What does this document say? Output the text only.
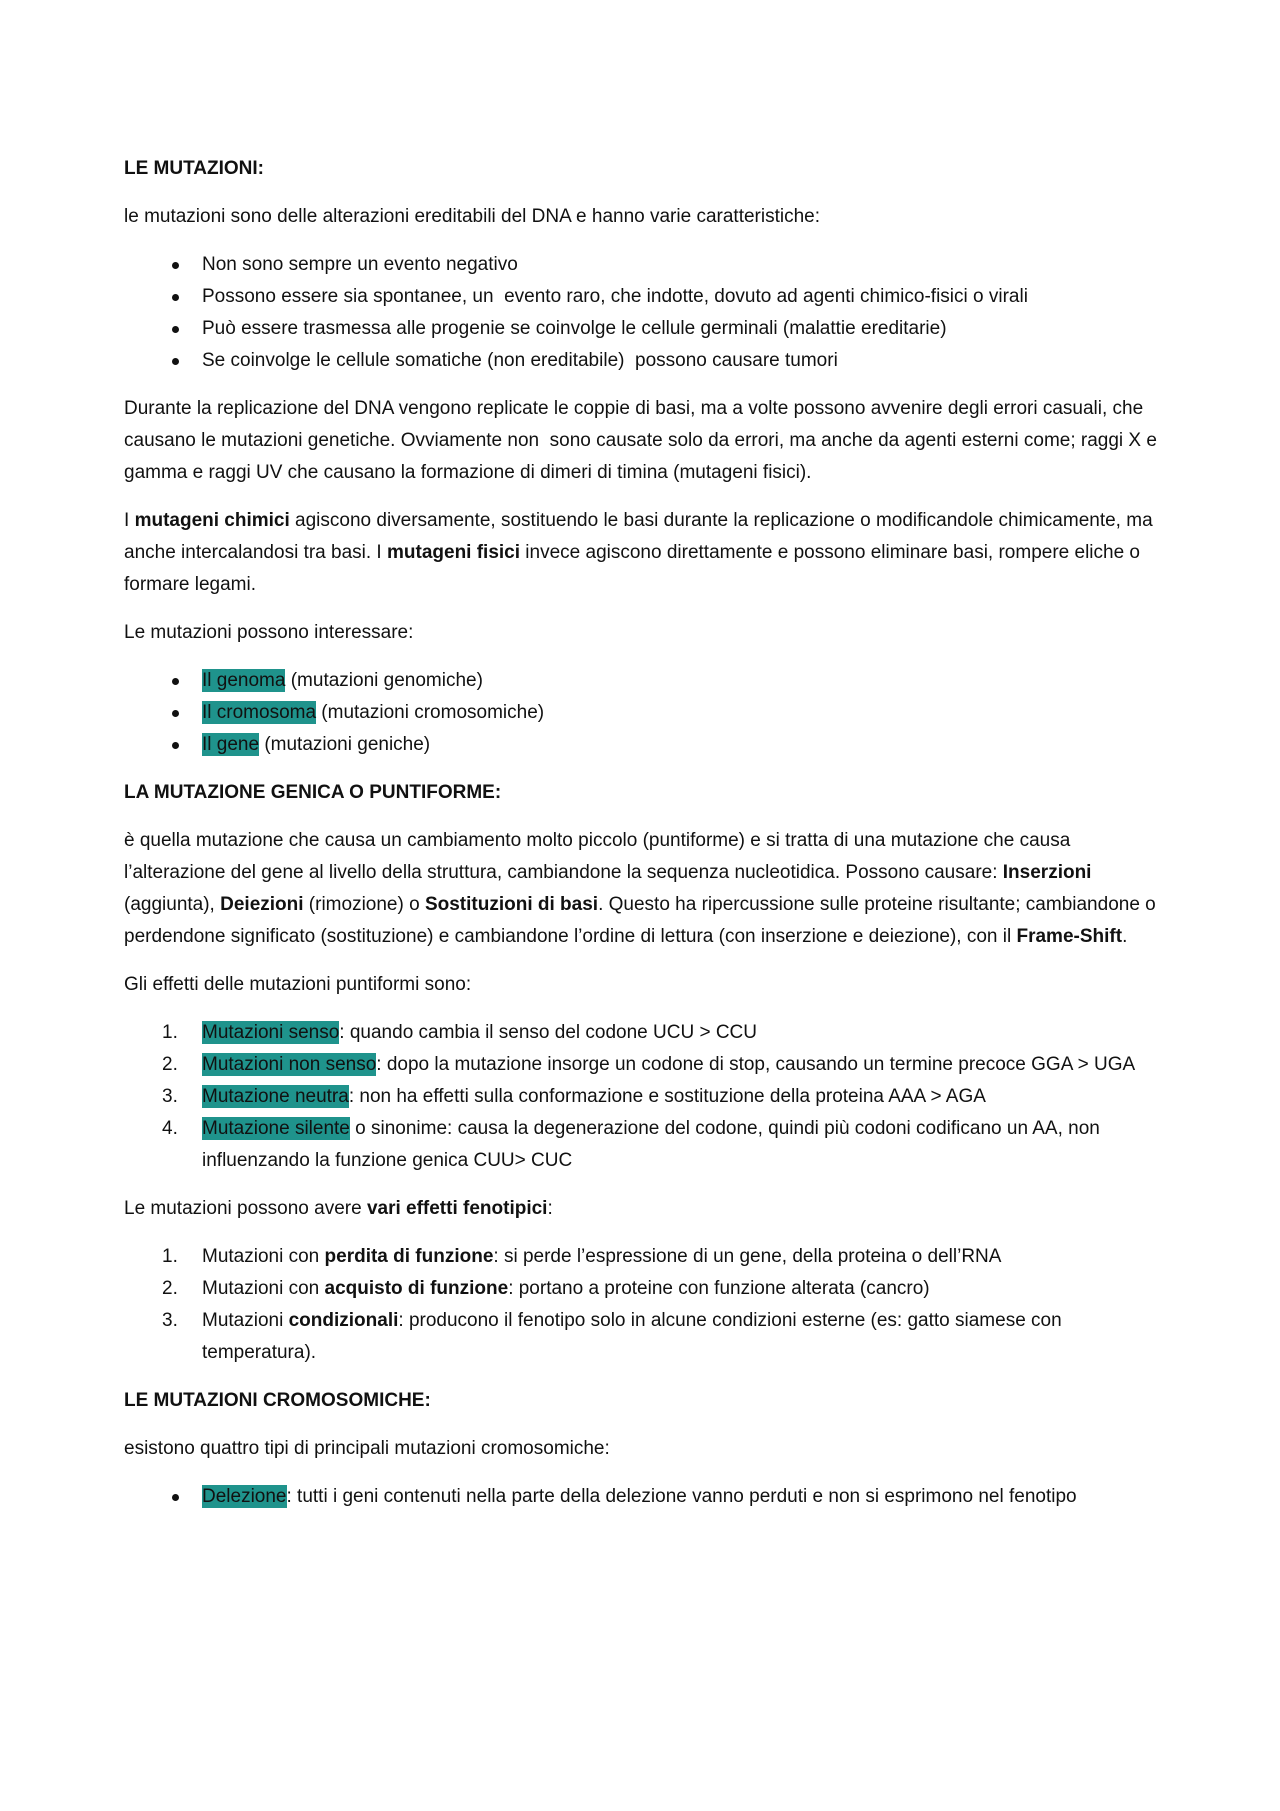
LE MUTAZIONI:

le mutazioni sono delle alterazioni ereditabili del DNA e hanno varie caratteristiche:

Non sono sempre un evento negativo
Possono essere sia spontanee, un  evento raro, che indotte, dovuto ad agenti chimico-fisici o virali
Può essere trasmessa alle progenie se coinvolge le cellule germinali (malattie ereditarie)
Se coinvolge le cellule somatiche (non ereditabile)  possono causare tumori

Durante la replicazione del DNA vengono replicate le coppie di basi, ma a volte possono avvenire degli errori casuali, che causano le mutazioni genetiche. Ovviamente non  sono causate solo da errori, ma anche da agenti esterni come; raggi X e gamma e raggi UV che causano la formazione di dimeri di timina (mutageni fisici).

I mutageni chimici agiscono diversamente, sostituendo le basi durante la replicazione o modificandole chimicamente, ma anche intercalandosi tra basi. I mutageni fisici invece agiscono direttamente e possono eliminare basi, rompere eliche o formare legami.

Le mutazioni possono interessare:

Il genoma (mutazioni genomiche)
Il cromosoma (mutazioni cromosomiche)
Il gene (mutazioni geniche)
LA MUTAZIONE GENICA O PUNTIFORME:

è quella mutazione che causa un cambiamento molto piccolo (puntiforme) e si tratta di una mutazione che causa l’alterazione del gene al livello della struttura, cambiandone la sequenza nucleotidica. Possono causare: Inserzioni (aggiunta), Deiezioni (rimozione) o Sostituzioni di basi. Questo ha ripercussione sulle proteine risultante; cambiandone o perdendone significato (sostituzione) e cambiandone l’ordine di lettura (con inserzione e deiezione), con il Frame-Shift.

Gli effetti delle mutazioni puntiformi sono:

1. Mutazioni senso: quando cambia il senso del codone UCU > CCU
2. Mutazioni non senso: dopo la mutazione insorge un codone di stop, causando un termine precoce GGA > UGA
3. Mutazione neutra: non ha effetti sulla conformazione e sostituzione della proteina AAA > AGA
4. Mutazione silente o sinonime: causa la degenerazione del codone, quindi più codoni codificano un AA, non influenzando la funzione genica CUU> CUC

Le mutazioni possono avere vari effetti fenotipici:

1. Mutazioni con perdita di funzione: si perde l’espressione di un gene, della proteina o dell’RNA
2. Mutazioni con acquisto di funzione: portano a proteine con funzione alterata (cancro)
3. Mutazioni condizionali: producono il fenotipo solo in alcune condizioni esterne (es: gatto siamese con temperatura).
LE MUTAZIONI CROMOSOMICHE:

esistono quattro tipi di principali mutazioni cromosomiche:

Delezione: tutti i geni contenuti nella parte della delezione vanno perduti e non si esprimono nel fenotipo
